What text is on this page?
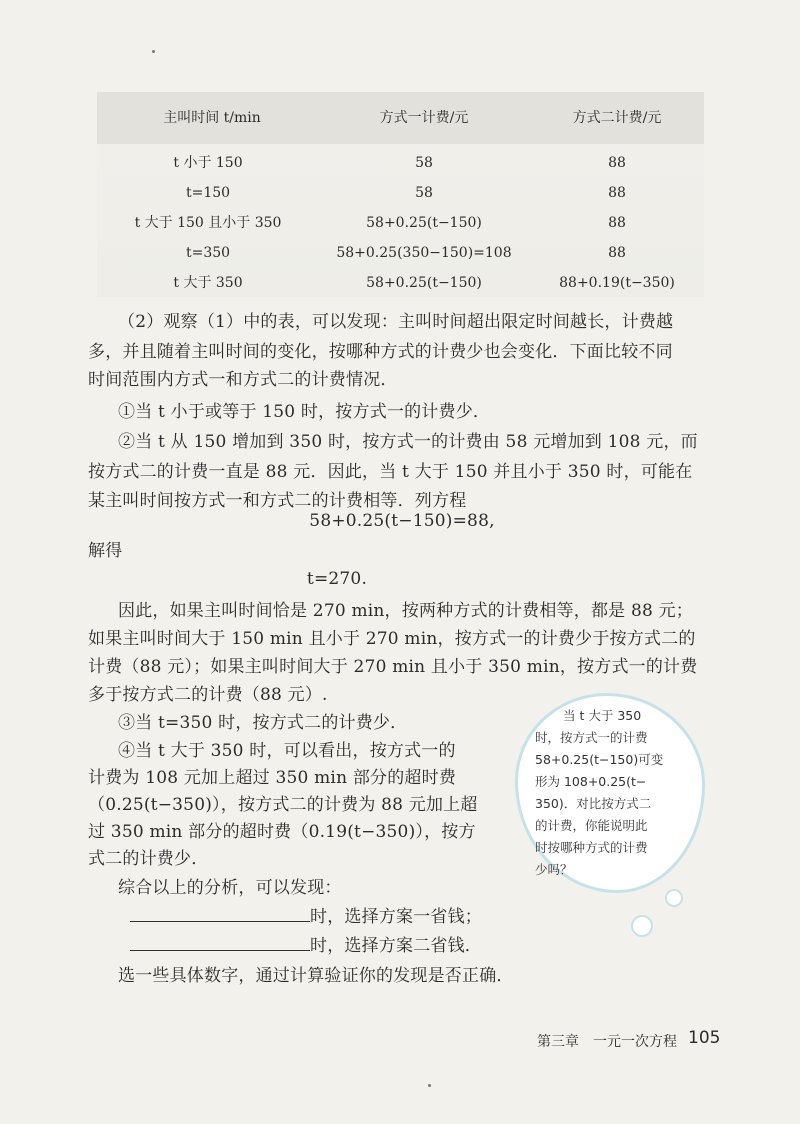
主叫时间 t/min	方式一计费/元	方式二计费/元
t 小于 150	58	88
t=150	58	88
t 大于 150 且小于 350	58+0.25(t−150)	88
t=350	58+0.25(350−150)=108	88
t 大于 350	58+0.25(t−150)	88+0.19(t−350)
（2）观察（1）中的表，可以发现：主叫时间超出限定时间越长，计费越
多，并且随着主叫时间的变化，按哪种方式的计费少也会变化．下面比较不同
时间范围内方式一和方式二的计费情况．
①当 t 小于或等于 150 时，按方式一的计费少．
②当 t 从 150 增加到 350 时，按方式一的计费由 58 元增加到 108 元，而
按方式二的计费一直是 88 元．因此，当 t 大于 150 并且小于 350 时，可能在
某主叫时间按方式一和方式二的计费相等．列方程
58+0.25(t−150)=88,
解得
t=270.
因此，如果主叫时间恰是 270 min，按两种方式的计费相等，都是 88 元；
如果主叫时间大于 150 min 且小于 270 min，按方式一的计费少于按方式二的
计费（88 元）；如果主叫时间大于 270 min 且小于 350 min，按方式一的计费
多于按方式二的计费（88 元）.
③当 t=350 时，按方式二的计费少．
④当 t 大于 350 时，可以看出，按方式一的
计费为 108 元加上超过 350 min 部分的超时费
（0.25(t−350)），按方式二的计费为 88 元加上超
过 350 min 部分的超时费（0.19(t−350)），按方
式二的计费少．
综合以上的分析，可以发现：
时，选择方案一省钱；
时，选择方案二省钱．
选一些具体数字，通过计算验证你的发现是否正确．
当 t 大于 350
时，按方式一的计费
58+0.25(t−150)可变
形为 108+0.25(t−
350)．对比按方式二
的计费，你能说明此
时按哪种方式的计费
少吗？
第三章　一元一次方程 105
